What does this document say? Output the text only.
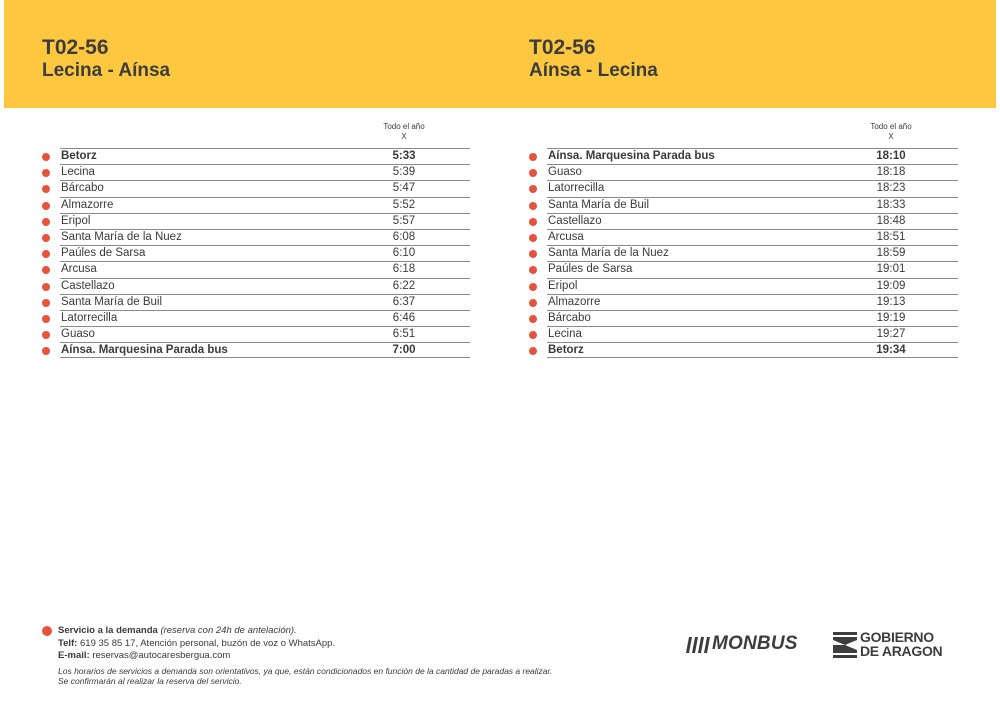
T02-56
Lecina - Aínsa
T02-56
Aínsa - Lecina
Todo el año
X
Betorz	5:33
Lecina	5:39
Bárcabo	5:47
Almazorre	5:52
Eripol	5:57
Santa María de la Nuez	6:08
Paúles de Sarsa	6:10
Arcusa	6:18
Castellazo	6:22
Santa María de Buil	6:37
Latorrecilla	6:46
Guaso	6:51
Aínsa. Marquesina Parada bus	7:00
Todo el año
X
Aínsa. Marquesina Parada bus	18:10
Guaso	18:18
Latorrecilla	18:23
Santa María de Buil	18:33
Castellazo	18:48
Arcusa	18:51
Santa María de la Nuez	18:59
Paúles de Sarsa	19:01
Eripol	19:09
Almazorre	19:13
Bárcabo	19:19
Lecina	19:27
Betorz	19:34
Servicio a la demanda (reserva con 24h de antelación).
Telf: 619 35 85 17, Atención personal, buzón de voz o WhatsApp.
E-mail: reservas@autocaresbergua.com
Los horarios de servicios a demanda son orientativos, ya que, están condicionados en función de la cantidad de paradas a realizar.
Se confirmarán al realizar la reserva del servicio.
MONBUS	GOBIERNO
DE ARAGON
